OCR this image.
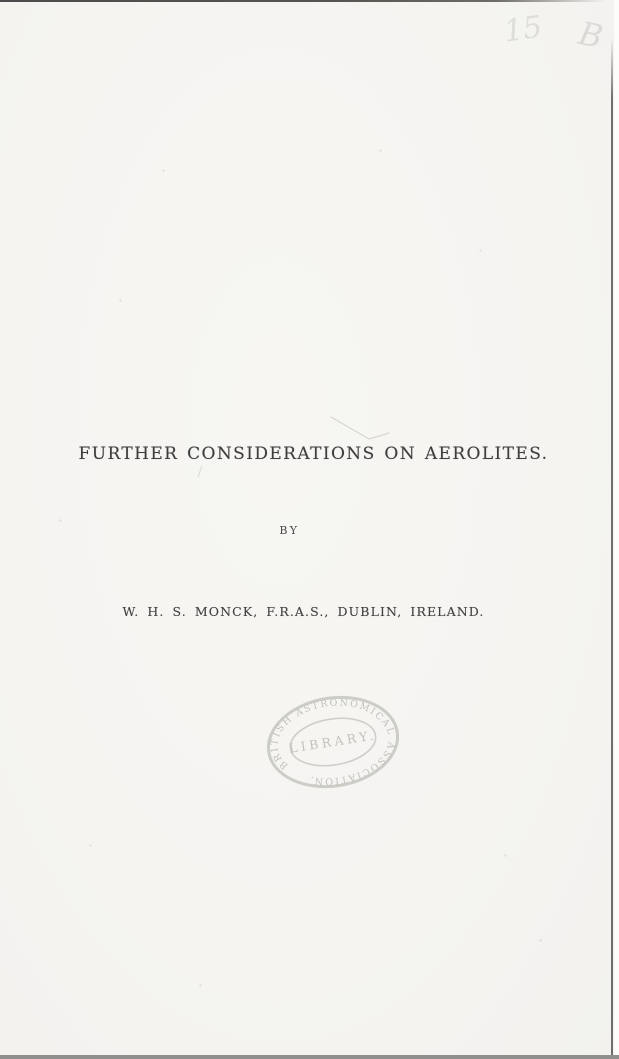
15 B
FURTHER CONSIDERATIONS ON AEROLITES.
BY
W. H. S. MONCK, F.R.A.S., DUBLIN, IRELAND.
BRITISH ASTRONOMICAL ASSOCIATION.
LIBRARY.
